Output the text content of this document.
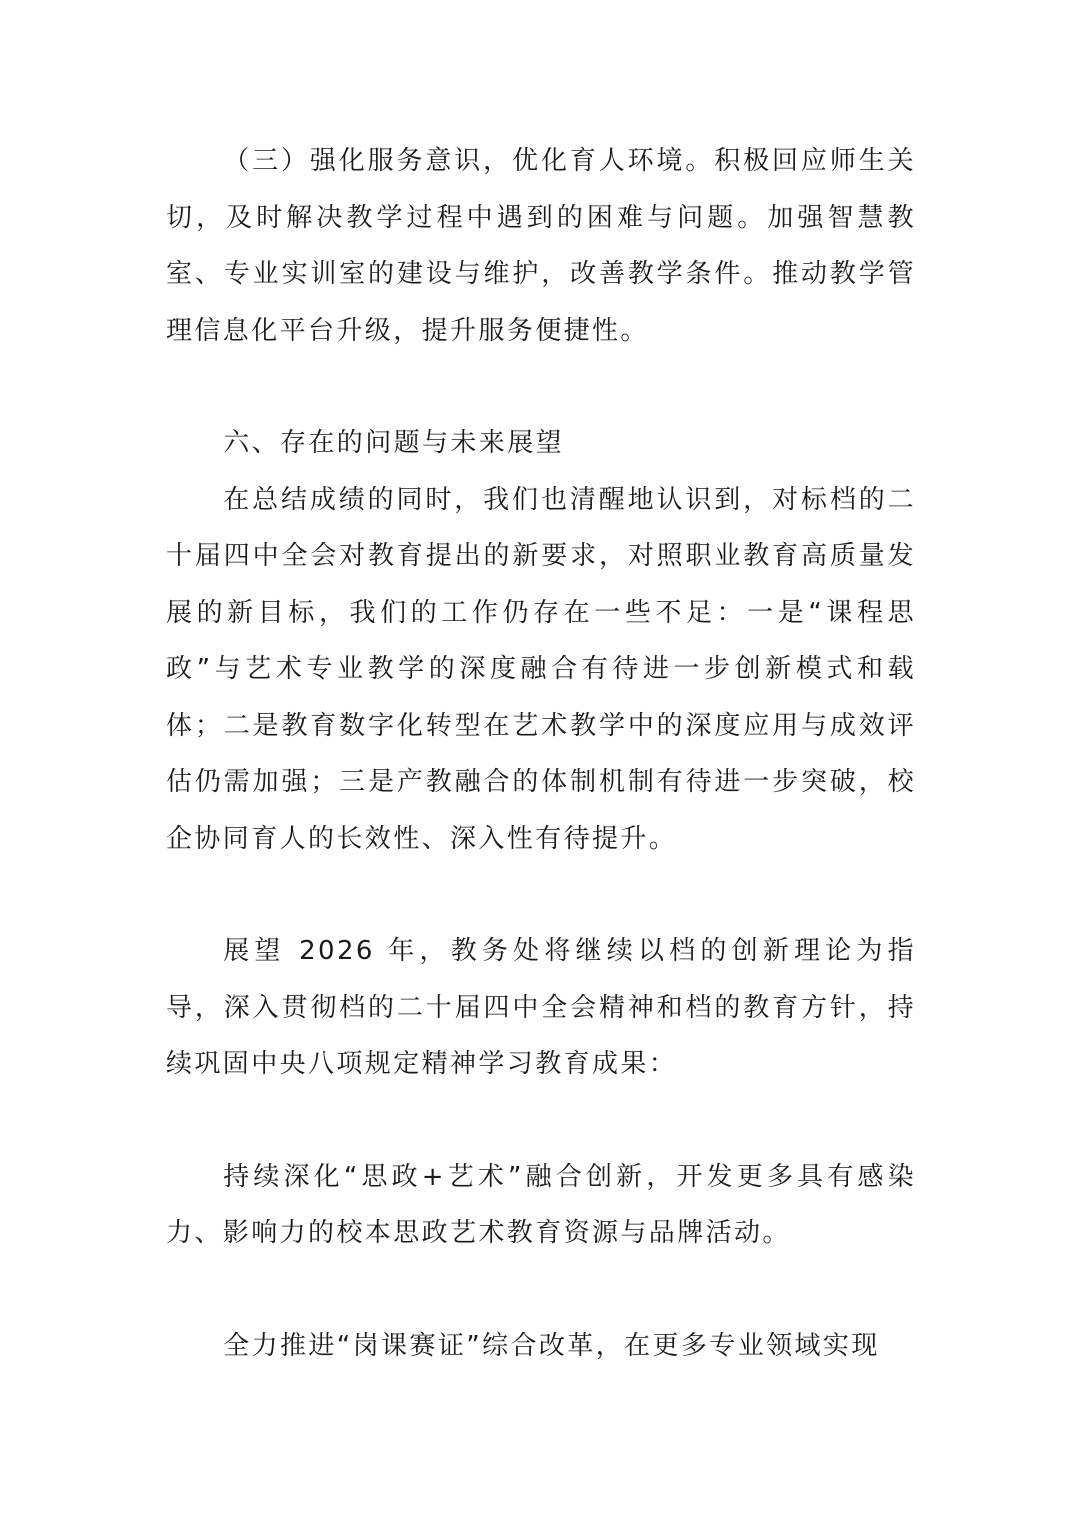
（三）强化服务意识，优化育人环境。积极回应师生关切，及时解决教学过程中遇到的困难与问题。加强智慧教室、专业实训室的建设与维护，改善教学条件。推动教学管理信息化平台升级，提升服务便捷性。

六、存在的问题与未来展望

在总结成绩的同时，我们也清醒地认识到，对标档的二十届四中全会对教育提出的新要求，对照职业教育高质量发展的新目标，我们的工作仍存在一些不足：一是“课程思政”与艺术专业教学的深度融合有待进一步创新模式和载体；二是教育数字化转型在艺术教学中的深度应用与成效评估仍需加强；三是产教融合的体制机制有待进一步突破，校企协同育人的长效性、深入性有待提升。

展望 2026 年，教务处将继续以档的创新理论为指导，深入贯彻档的二十届四中全会精神和档的教育方针，持续巩固中央八项规定精神学习教育成果：

持续深化“思政+艺术”融合创新，开发更多具有感染力、影响力的校本思政艺术教育资源与品牌活动。

全力推进“岗课赛证”综合改革，在更多专业领域实现
